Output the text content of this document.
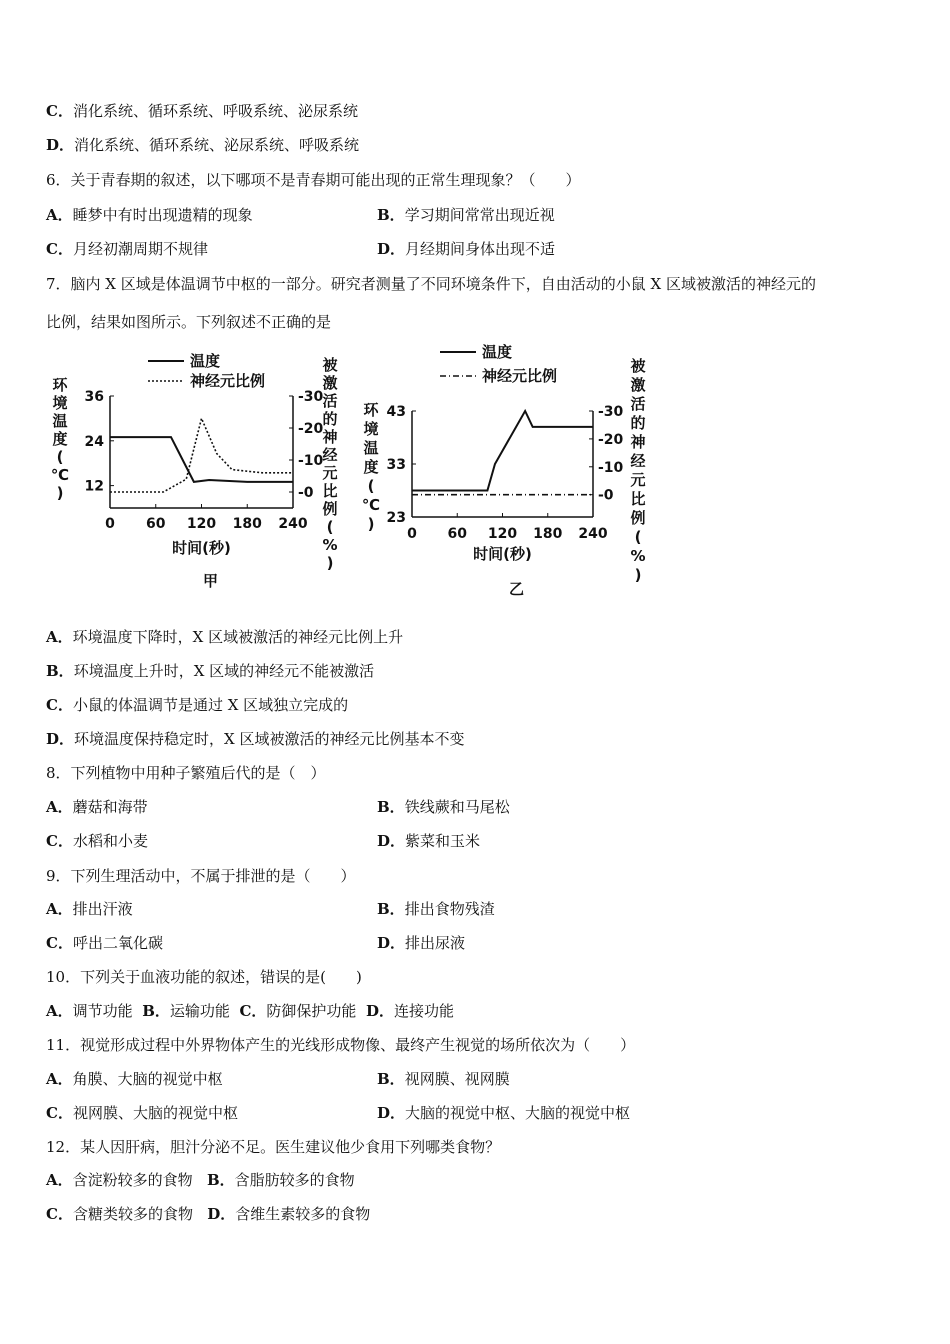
C．消化系统、循环系统、呼吸系统、泌尿系统
D．消化系统、循环系统、泌尿系统、呼吸系统
6．关于青春期的叙述，以下哪项不是青春期可能出现的正常生理现象？（　　）
A．睡梦中有时出现遗精的现象	B．学习期间常常出现近视
C．月经初潮周期不规律	D．月经期间身体出现不适
7．脑内 X 区域是体温调节中枢的一部分。研究者测量了不同环境条件下，自由活动的小鼠 X 区域被激活的神经元的
比例，结果如图所示。下列叙述不正确的是
36
24
12
-30
-20
-10
-0
0 60 120 180 240
时间(秒)
环
境
温
度
(
℃
)
被
激
活
的
神
经
元
比
例
(
%
)
温度
神经元比例
甲
43
33
23
-30
-20
-10
-0
0 60 120 180 240
时间(秒)
环
境
温
度
(
℃
)
被
激
活
的
神
经
元
比
例
(
%
)
温度
神经元比例
乙
A．环境温度下降时，X 区域被激活的神经元比例上升
B．环境温度上升时，X 区域的神经元不能被激活
C．小鼠的体温调节是通过 X 区域独立完成的
D．环境温度保持稳定时，X 区域被激活的神经元比例基本不变
8．下列植物中用种子繁殖后代的是（　）
A．蘑菇和海带	B．铁线蕨和马尾松
C．水稻和小麦	D．紫菜和玉米
9．下列生理活动中，不属于排泄的是（　　）
A．排出汗液	B．排出食物残渣
C．呼出二氧化碳	D．排出尿液
10．下列关于血液功能的叙述，错误的是(　　)
A．调节功能 B．运输功能 C．防御保护功能 D．连接功能
11．视觉形成过程中外界物体产生的光线形成物像、最终产生视觉的场所依次为（　　）
A．角膜、大脑的视觉中枢	B．视网膜、视网膜
C．视网膜、大脑的视觉中枢	D．大脑的视觉中枢、大脑的视觉中枢
12．某人因肝病，胆汁分泌不足。医生建议他少食用下列哪类食物？
A．含淀粉较多的食物 B．含脂肪较多的食物
C．含糖类较多的食物 D．含维生素较多的食物
